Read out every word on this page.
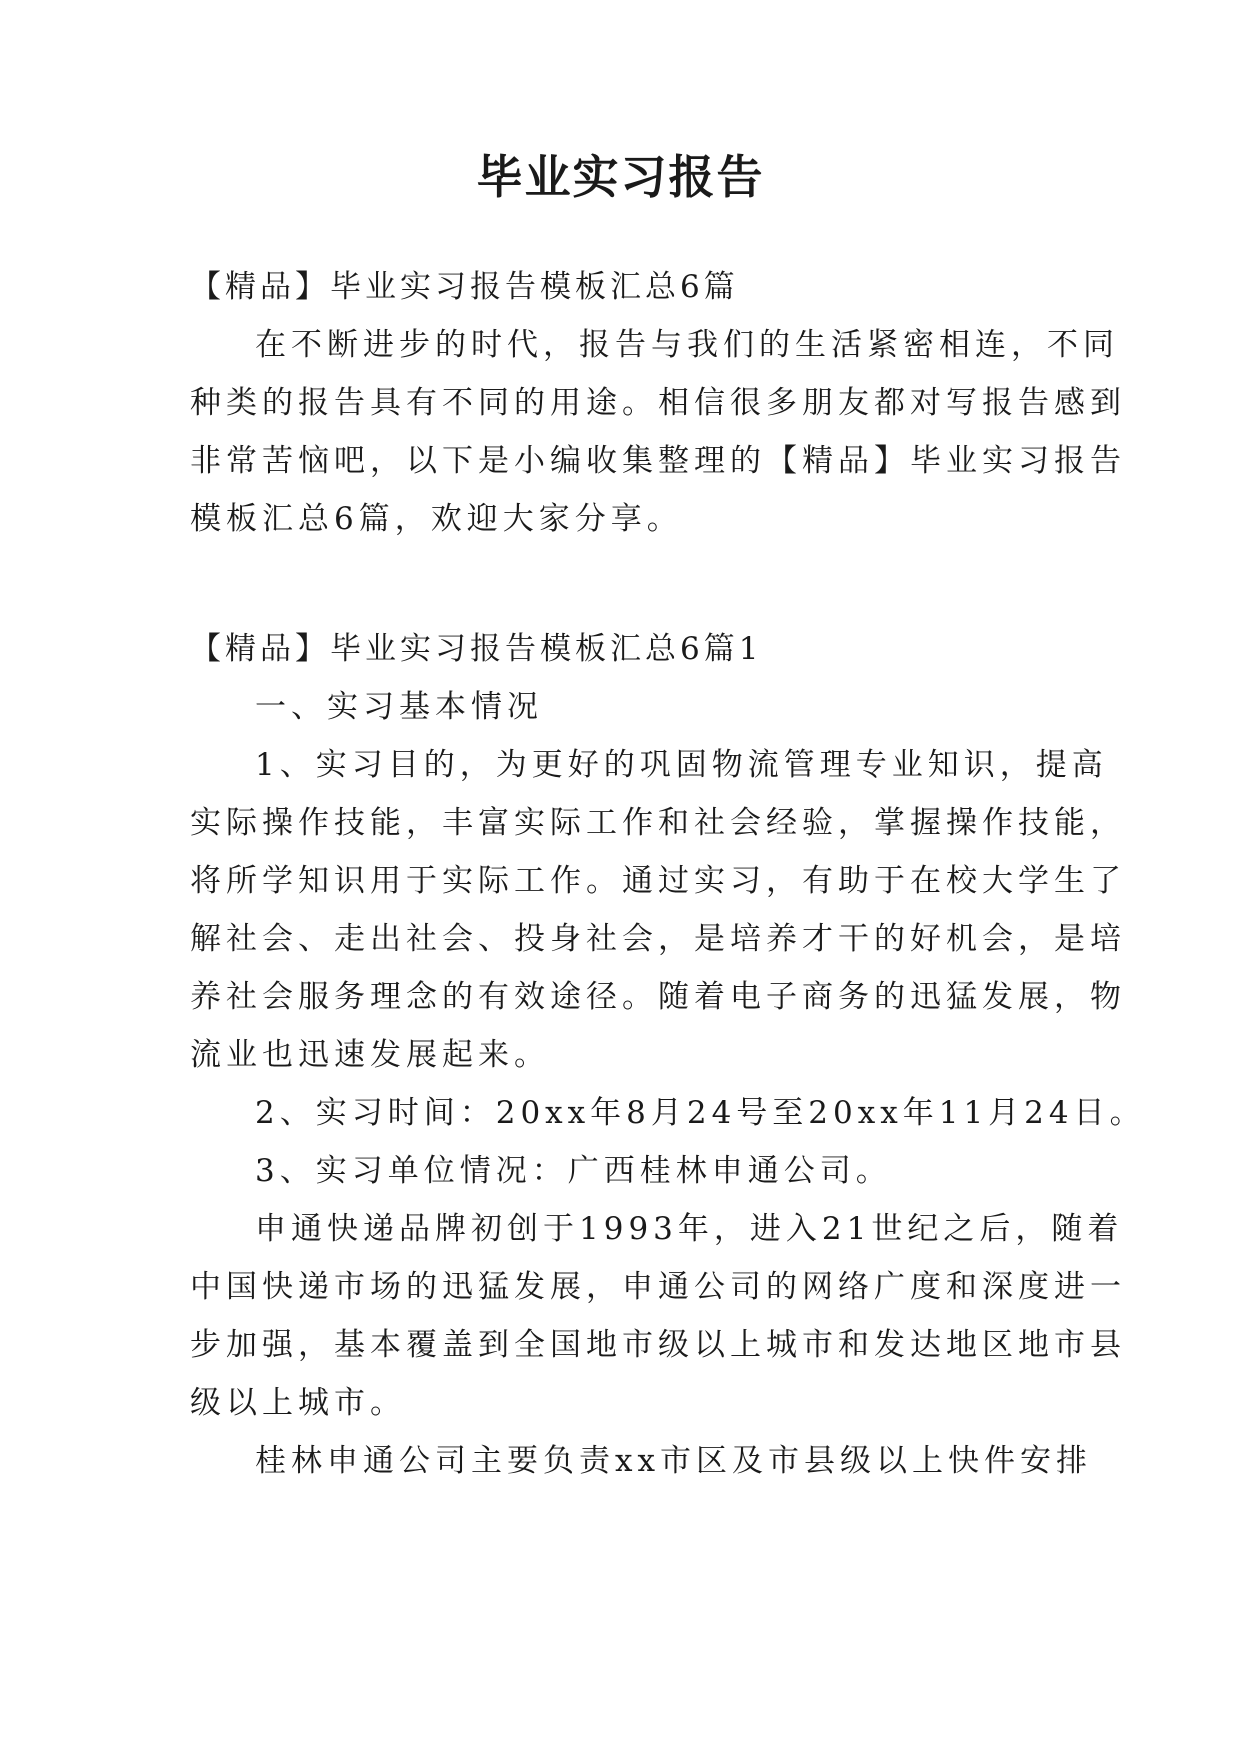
毕业实习报告
【精品】毕业实习报告模板汇总6篇
在不断进步的时代，报告与我们的生活紧密相连，不同
种类的报告具有不同的用途。相信很多朋友都对写报告感到
非常苦恼吧，以下是小编收集整理的【精品】毕业实习报告
模板汇总6篇，欢迎大家分享。
【精品】毕业实习报告模板汇总6篇1
一、实习基本情况
1、实习目的，为更好的巩固物流管理专业知识，提高
实际操作技能，丰富实际工作和社会经验，掌握操作技能，
将所学知识用于实际工作。通过实习，有助于在校大学生了
解社会、走出社会、投身社会，是培养才干的好机会，是培
养社会服务理念的有效途径。随着电子商务的迅猛发展，物
流业也迅速发展起来。
2、实习时间：20xx年8月24号至20xx年11月24日。
3、实习单位情况：广西桂林申通公司。
申通快递品牌初创于1993年，进入21世纪之后，随着
中国快递市场的迅猛发展，申通公司的网络广度和深度进一
步加强，基本覆盖到全国地市级以上城市和发达地区地市县
级以上城市。
桂林申通公司主要负责xx市区及市县级以上快件安排
